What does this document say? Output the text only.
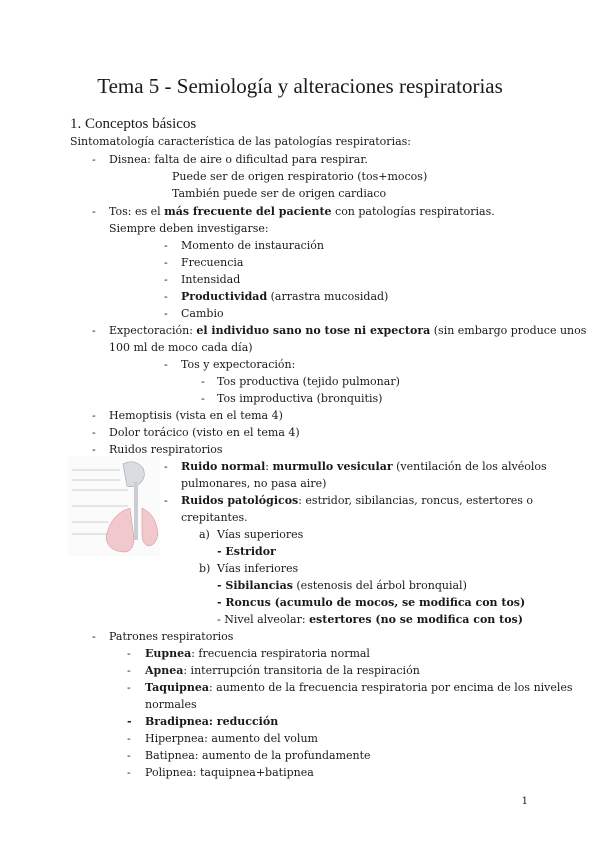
Tema 5 - Semiología y alteraciones respiratorias
1. Conceptos básicos
Sintomatología característica de las patologías respiratorias:
- Disnea: falta de aire o dificultad para respirar.
Puede ser de origen respiratorio (tos+mocos)
También puede ser de origen cardiaco
- Tos: es el más frecuente del paciente con patologías respiratorias.
Siempre deben investigarse:
- Momento de instauración
- Frecuencia
- Intensidad
- Productividad (arrastra mucosidad)
- Cambio
- Expectoración: el individuo sano no tose ni expectora (sin embargo produce unos
100 ml de moco cada día)
- Tos y expectoración:
- Tos productiva (tejido pulmonar)
- Tos improductiva (bronquitis)
- Hemoptisis (vista en el tema 4)
- Dolor torácico (visto en el tema 4)
- Ruidos respiratorios
- Ruido normal: murmullo vesicular (ventilación de los alvéolos
pulmonares, no pasa aire)
- Ruidos patológicos: estridor, sibilancias, roncus, estertores o
crepitantes.
a) Vías superiores
- Estridor
b) Vías inferiores
- Sibilancias (estenosis del árbol bronquial)
- Roncus (acumulo de mocos, se modifica con tos)
- Nivel alveolar: estertores (no se modifica con tos)
- Patrones respiratorios
- Eupnea: frecuencia respiratoria normal
- Apnea: interrupción transitoria de la respiración
- Taquipnea: aumento de la frecuencia respiratoria por encima de los niveles
normales
- Bradipnea: reducción
- Hiperpnea: aumento del volum
- Batipnea: aumento de la profundamente
- Polipnea: taquipnea+batipnea
1
